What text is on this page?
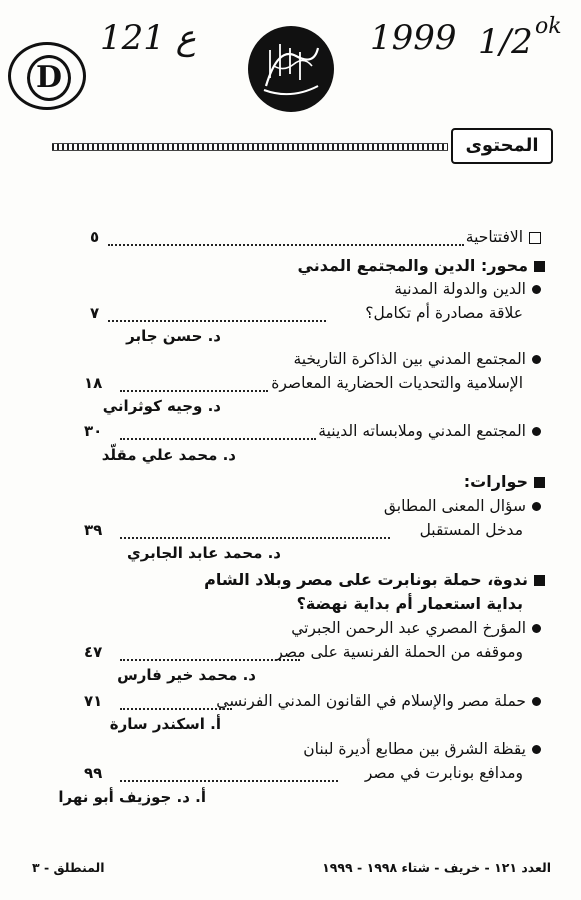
121 ع	1999 1/2 ok
D
المحتوى
الافتتاحية
٥
محور: الدين والمجتمع المدني
الدين والدولة المدنية
علاقة مصادرة أم تكامل؟
٧
د. حسن جابر
المجتمع المدني بين الذاكرة التاريخية
الإسلامية والتحديات الحضارية المعاصرة
١٨
د. وجيه كوثراني
المجتمع المدني وملابساته الدينية
٣٠
د. محمد علي مقلّد
حوارات:
سؤال المعنى المطابق
مدخل المستقبل
٣٩
د. محمد عابد الجابري
ندوة، حملة بونابرت على مصر وبلاد الشام
بداية استعمار أم بداية نهضة؟
المؤرخ المصري عبد الرحمن الجبرتي
وموقفه من الحملة الفرنسية على مصر
٤٧
د. محمد خير فارس
حملة مصر والإسلام في القانون المدني الفرنسي
٧١
أ. اسكندر سارة
يقظة الشرق بين مطابع أديرة لبنان
ومدافع بونابرت في مصر
٩٩
أ. د. جوزيف أبو نهرا
العدد ١٢١ - خريف - شتاء ١٩٩٨ - ١٩٩٩
المنطلق - ٣
